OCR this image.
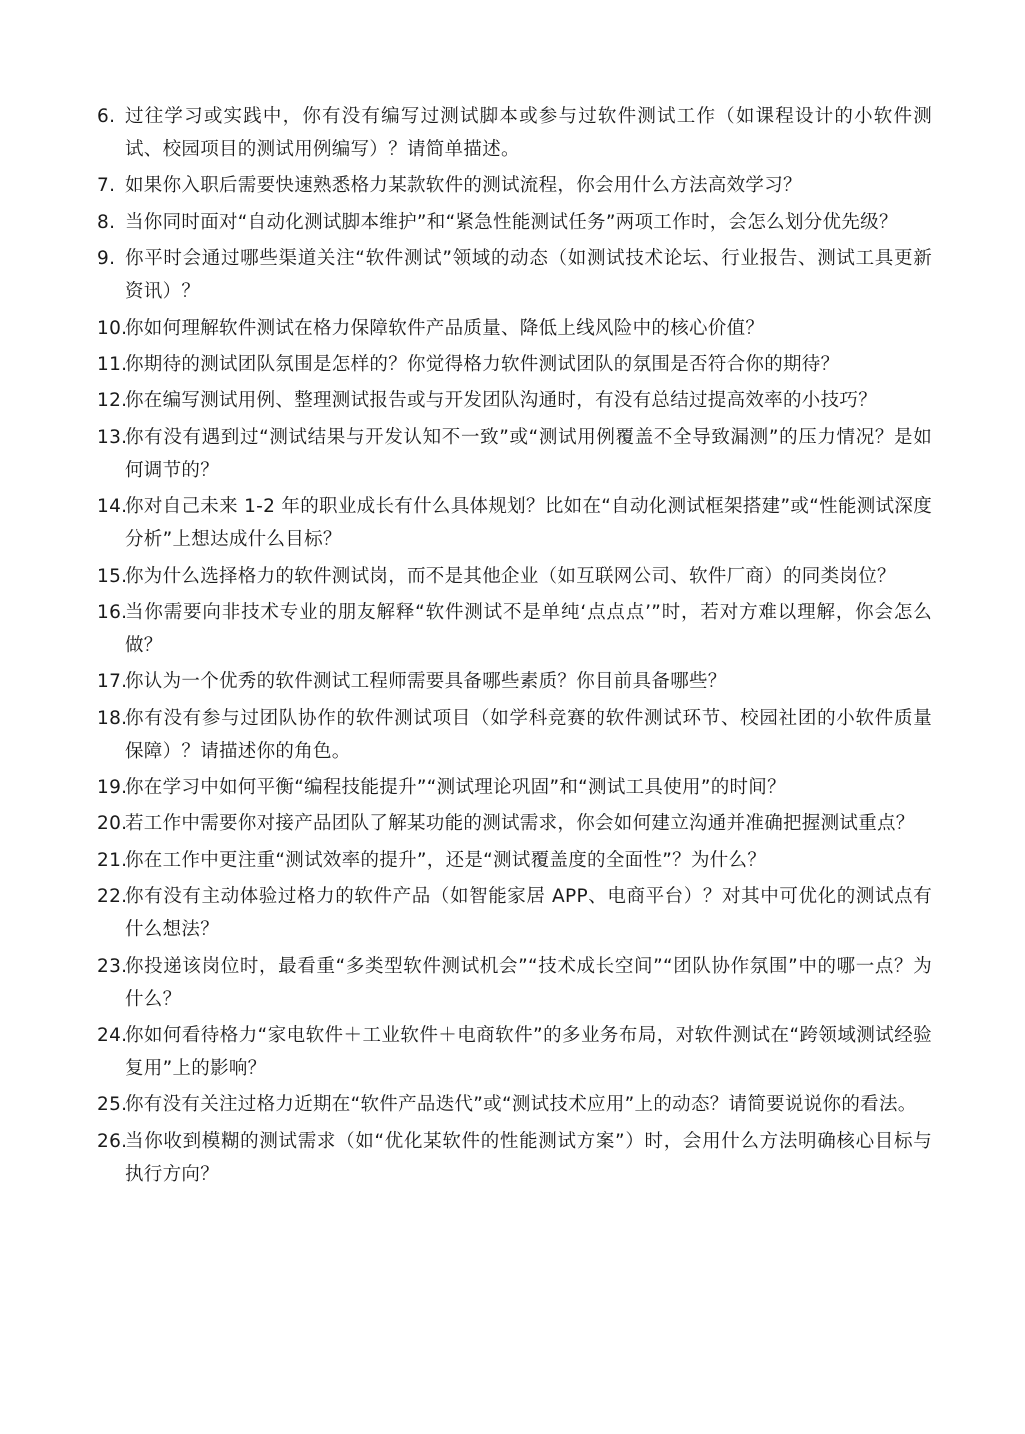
6. 过往学习或实践中，你有没有编写过测试脚本或参与过软件测试工作（如课程设计的小软件测试、校园项目的测试用例编写）？请简单描述。
7. 如果你入职后需要快速熟悉格力某款软件的测试流程，你会用什么方法高效学习？
8. 当你同时面对“自动化测试脚本维护”和“紧急性能测试任务”两项工作时，会怎么划分优先级？
9. 你平时会通过哪些渠道关注“软件测试”领域的动态（如测试技术论坛、行业报告、测试工具更新资讯）？
10.
你如何理解软件测试在格力保障软件产品质量、降低上线风险中的核心价值？
11.
你期待的测试团队氛围是怎样的？你觉得格力软件测试团队的氛围是否符合你的期待？
12.
你在编写测试用例、整理测试报告或与开发团队沟通时，有没有总结过提高效率的小技巧？
13.
你有没有遇到过“测试结果与开发认知不一致”或“测试用例覆盖不全导致漏测”的压力情况？是如何调节的？
14.
你对自己未来 1-2 年的职业成长有什么具体规划？比如在“自动化测试框架搭建”或“性能测试深度分析”上想达成什么目标？
15.
你为什么选择格力的软件测试岗，而不是其他企业（如互联网公司、软件厂商）的同类岗位？
16.
当你需要向非技术专业的朋友解释“软件测试不是单纯‘点点点’”时，若对方难以理解，你会怎么做？
17.
你认为一个优秀的软件测试工程师需要具备哪些素质？你目前具备哪些？
18.
你有没有参与过团队协作的软件测试项目（如学科竞赛的软件测试环节、校园社团的小软件质量保障）？请描述你的角色。
19.
你在学习中如何平衡“编程技能提升”“测试理论巩固”和“测试工具使用”的时间？
20.
若工作中需要你对接产品团队了解某功能的测试需求，你会如何建立沟通并准确把握测试重点？
21.
你在工作中更注重“测试效率的提升”，还是“测试覆盖度的全面性”？为什么？
22.
你有没有主动体验过格力的软件产品（如智能家居 APP、电商平台）？对其中可优化的测试点有什么想法？
23.
你投递该岗位时，最看重“多类型软件测试机会”“技术成长空间”“团队协作氛围”中的哪一点？为什么？
24.
你如何看待格力“家电软件＋工业软件＋电商软件”的多业务布局，对软件测试在“跨领域测试经验复用”上的影响？
25.
你有没有关注过格力近期在“软件产品迭代”或“测试技术应用”上的动态？请简要说说你的看法。
26.
当你收到模糊的测试需求（如“优化某软件的性能测试方案”）时，会用什么方法明确核心目标与执行方向？
